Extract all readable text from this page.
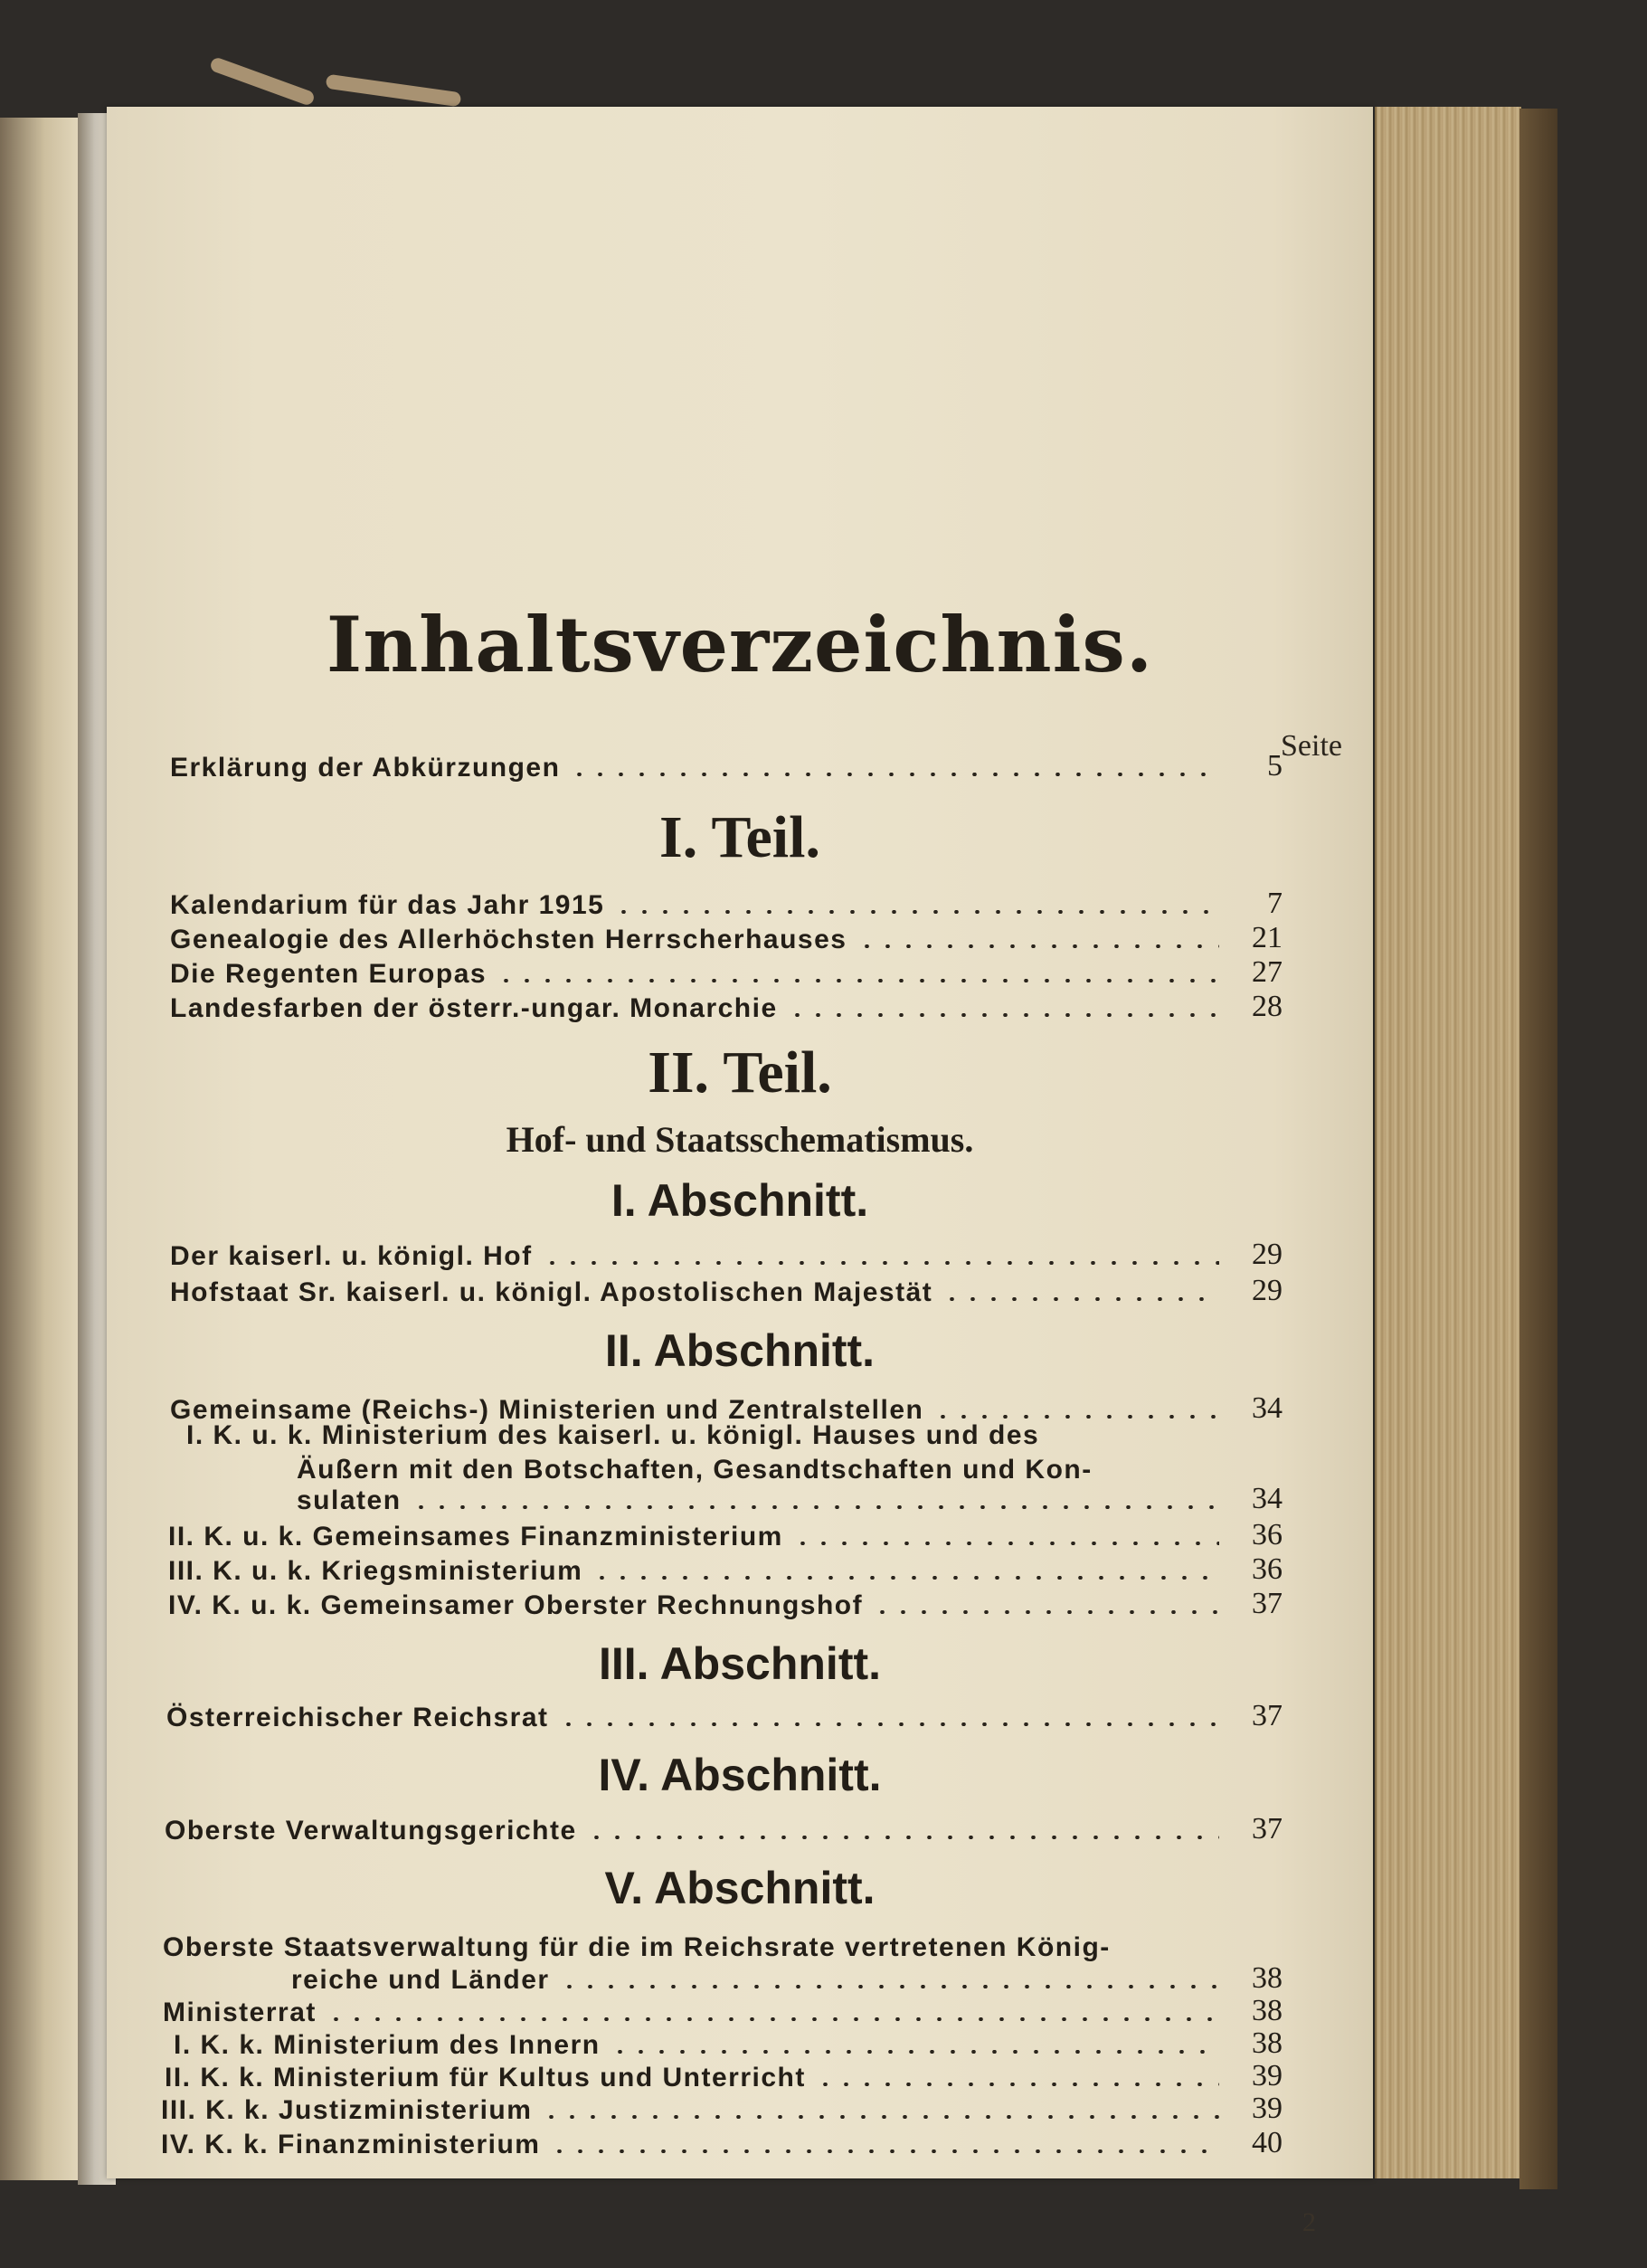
Inhaltsverzeichnis.
Seite
Erklärung der Abkürzungen	5
I. Teil.
Kalendarium für das Jahr 1915	7
Genealogie des Allerhöchsten Herrscherhauses	21
Die Regenten Europas	27
Landesfarben der österr.-ungar. Monarchie	28
II. Teil.
Hof- und Staatsschematismus.
I. Abschnitt.
Der kaiserl. u. königl. Hof	29
Hofstaat Sr. kaiserl. u. königl. Apostolischen Majestät	29
II. Abschnitt.
Gemeinsame (Reichs-) Ministerien und Zentralstellen	34
I. K. u. k. Ministerium des kaiserl. u. königl. Hauses und des
Äußern mit den Botschaften, Gesandtschaften und Kon-
sulaten	34
II. K. u. k. Gemeinsames Finanzministerium	36
III. K. u. k. Kriegsministerium	36
IV. K. u. k. Gemeinsamer Oberster Rechnungshof	37
III. Abschnitt.
Österreichischer Reichsrat	37
IV. Abschnitt.
Oberste Verwaltungsgerichte	37
V. Abschnitt.
Oberste Staatsverwaltung für die im Reichsrate vertretenen König-
reiche und Länder	38
Ministerrat	38
I. K. k. Ministerium des Innern	38
II. K. k. Ministerium für Kultus und Unterricht	39
III. K. k. Justizministerium	39
IV. K. k. Finanzministerium	40
2
